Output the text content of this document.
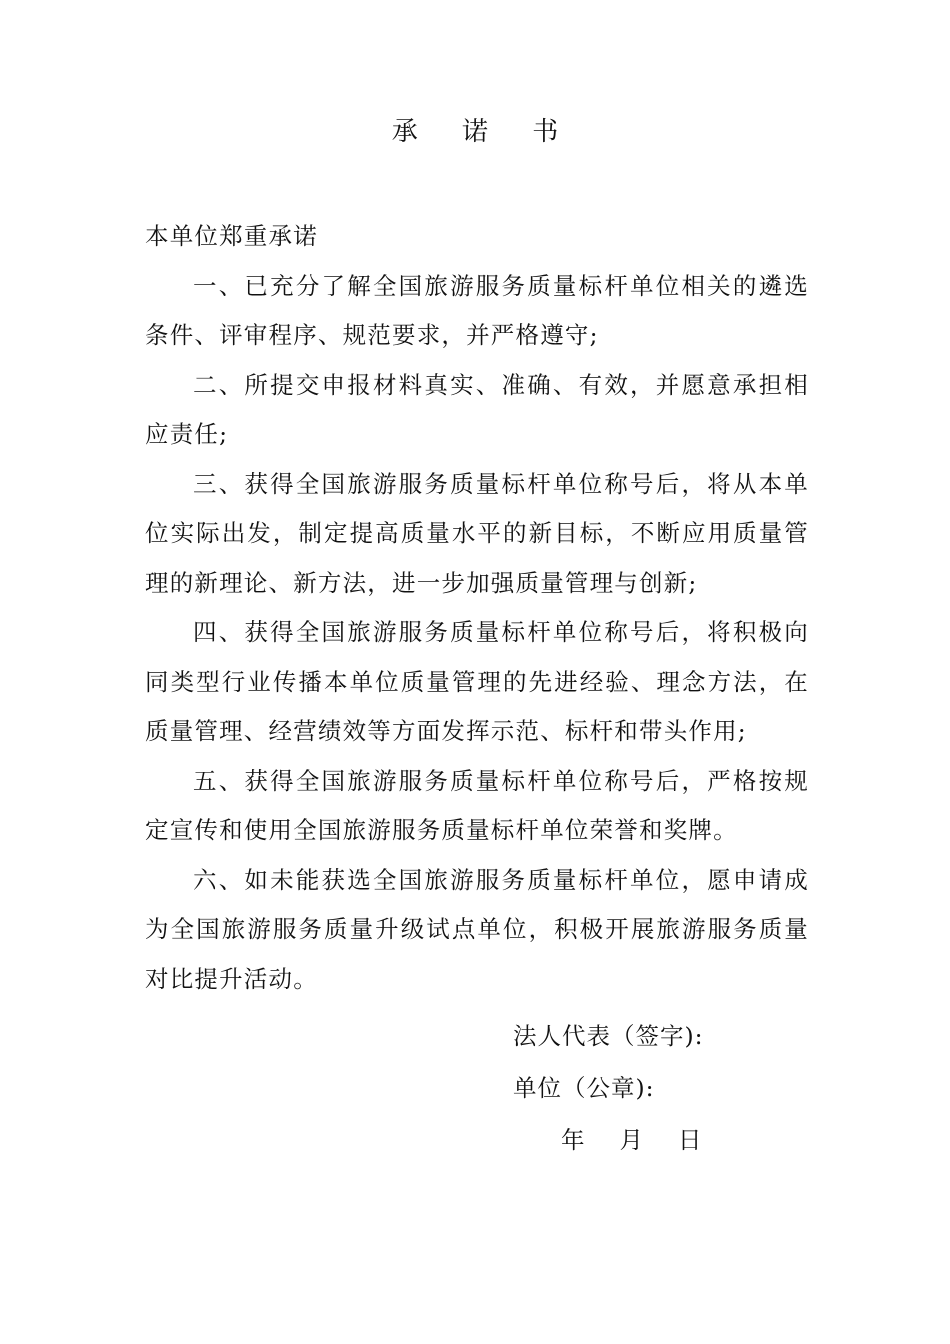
承 诺 书

本单位郑重承诺

一、已充分了解全国旅游服务质量标杆单位相关的遴选条件、评审程序、规范要求，并严格遵守;

二、所提交申报材料真实、准确、有效，并愿意承担相应责任;

三、获得全国旅游服务质量标杆单位称号后，将从本单位实际出发，制定提高质量水平的新目标，不断应用质量管理的新理论、新方法，进一步加强质量管理与创新;

四、获得全国旅游服务质量标杆单位称号后，将积极向同类型行业传播本单位质量管理的先进经验、理念方法，在质量管理、经营绩效等方面发挥示范、标杆和带头作用;

五、获得全国旅游服务质量标杆单位称号后，严格按规定宣传和使用全国旅游服务质量标杆单位荣誉和奖牌。

六、如未能获选全国旅游服务质量标杆单位，愿申请成为全国旅游服务质量升级试点单位，积极开展旅游服务质量对比提升活动。

法人代表（签字):
单位（公章):
年 月 日
